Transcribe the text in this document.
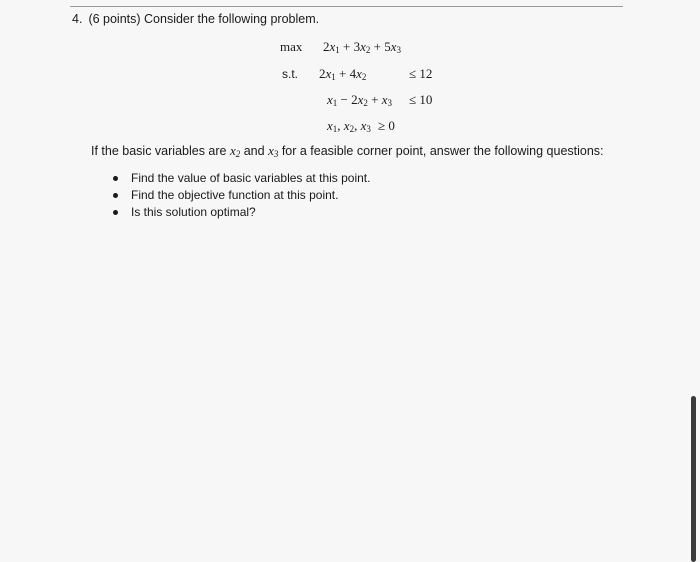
4. (6 points) Consider the following problem.
$\max 2x_1 + 3x_2 + 5x_3$
s.t. $2x_1 + 4x_2$	≤ 12
$x_1 - 2x_2 + x_3 \le 10$
$x_1$, $x_2$, $x_3 \ge 0$
If the basic variables are $x_2$ and $x_3$ for a feasible corner point, answer the following questions:
Find the value of basic variables at this point.
Find the objective function at this point.
Is this solution optimal?
